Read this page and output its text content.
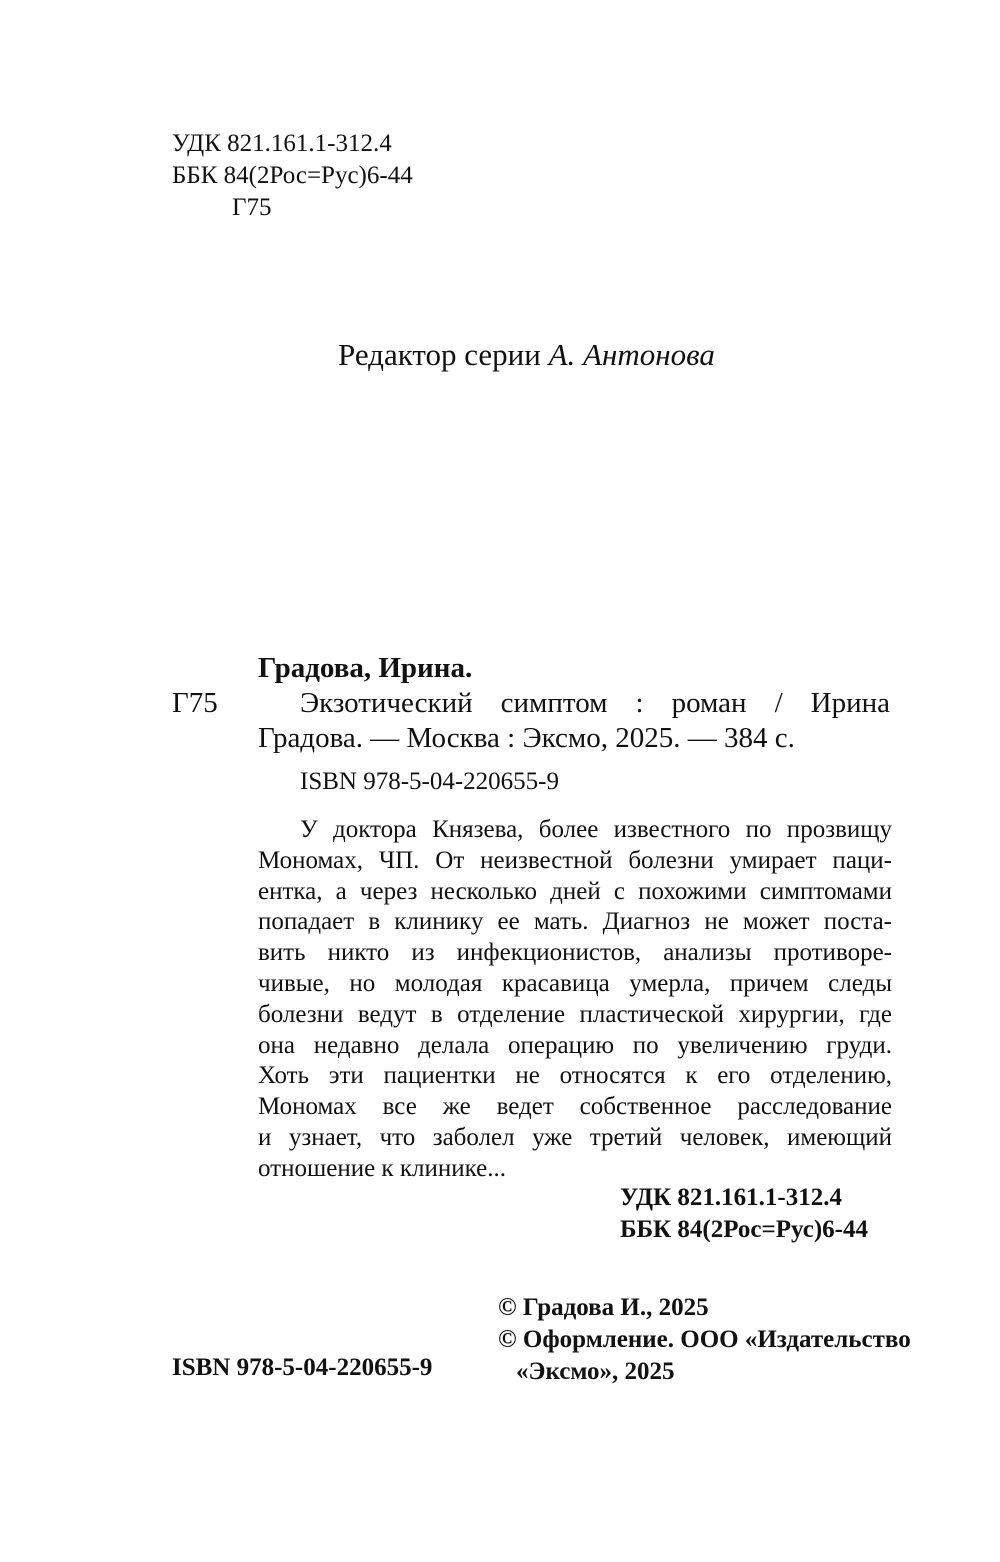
УДК 821.161.1-312.4
ББК 84(2Рос=Рус)6-44
Г75
Редактор серии А. Антонова
Градова, Ирина.
Г75	Экзотический симптом : роман / Ирина
Градова. — Москва : Эксмо, 2025. — 384 с.
ISBN 978-5-04-220655-9
У доктора Князева, более известного по прозвищу
Мономах, ЧП. От неизвестной болезни умирает паци-
ентка, а через несколько дней с похожими симптомами
попадает в клинику ее мать. Диагноз не может поста-
вить никто из инфекционистов, анализы противоре-
чивые, но молодая красавица умерла, причем следы
болезни ведут в отделение пластической хирургии, где
она недавно делала операцию по увеличению груди.
Хоть эти пациентки не относятся к его отделению,
Мономах все же ведет собственное расследование
и узнает, что заболел уже третий человек, имеющий
отношение к клинике...
УДК 821.161.1-312.4
ББК 84(2Рос=Рус)6-44
© Градова И., 2025
© Оформление. ООО «Издательство
«Эксмо», 2025
ISBN 978-5-04-220655-9
